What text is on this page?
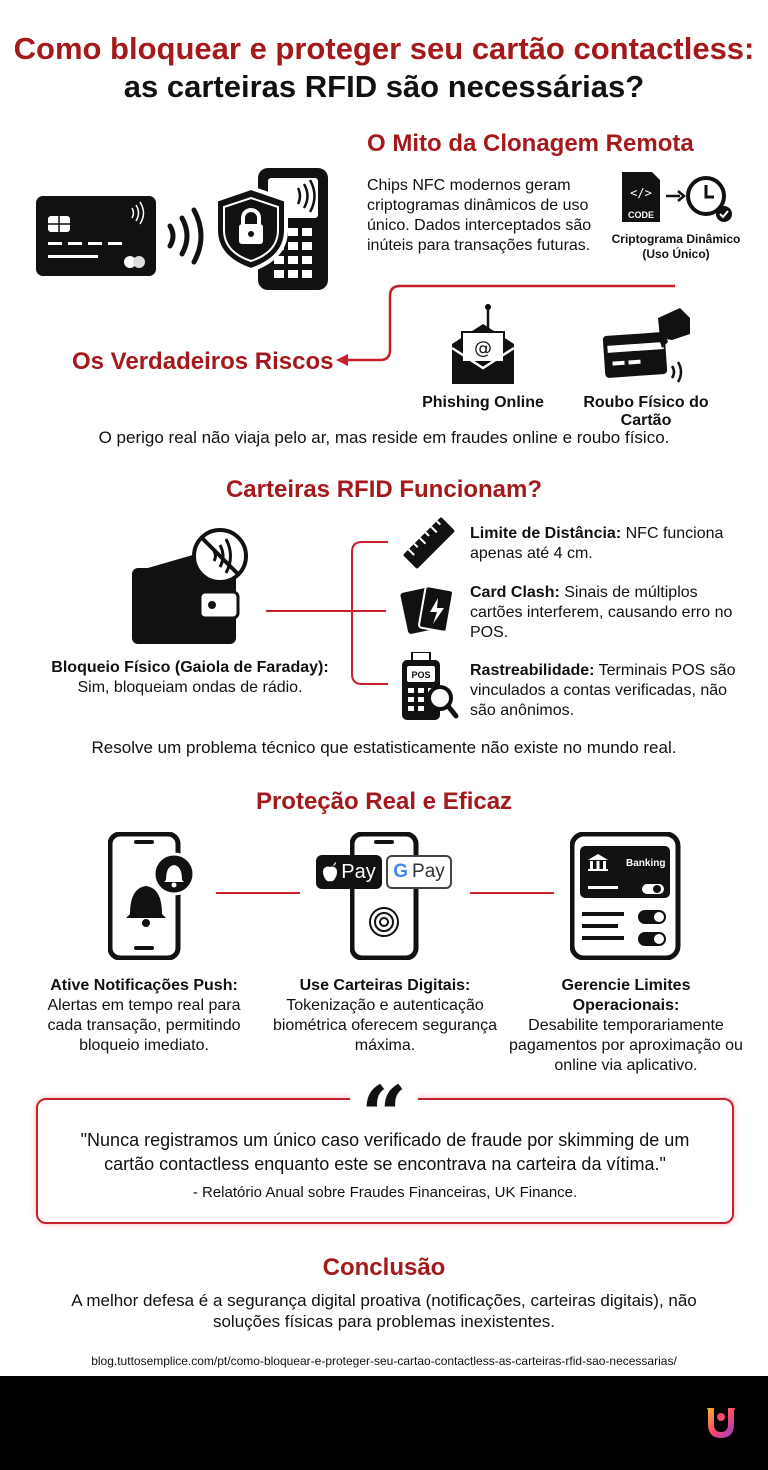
Como bloquear e proteger seu cartão contactless:
as carteiras RFID são necessárias?
O Mito da Clonagem Remota
Chips NFC modernos geram criptogramas dinâmicos de uso único. Dados interceptados são inúteis para transações futuras.
</>
CODE
Criptograma Dinâmico
(Uso Único)
Os Verdadeiros Riscos	@
Phishing Online	Roubo Físico do Cartão
O perigo real não viaja pelo ar, mas reside em fraudes online e roubo físico.
Carteiras RFID Funcionam?
Bloqueio Físico (Gaiola de Faraday):
Sim, bloqueiam ondas de rádio.
Limite de Distância: NFC funciona apenas até 4 cm.
Card Clash: Sinais de múltiplos cartões interferem, causando erro no POS.
POS Rastreabilidade: Terminais POS são vinculados a contas verificadas, não são anônimos.
Resolve um problema técnico que estatisticamente não existe no mundo real.
Proteção Real e Eficaz
Pay G Pay	Banking
Ative Notificações Push:
Alertas em tempo real para cada transação, permitindo bloqueio imediato.
Use Carteiras Digitais:
Tokenização e autenticação biométrica oferecem segurança máxima.
Gerencie Limites Operacionais:
Desabilite temporariamente pagamentos por aproximação ou online via aplicativo.
“
"Nunca registramos um único caso verificado de fraude por skimming de um cartão contactless enquanto este se encontrava na carteira da vítima."
- Relatório Anual sobre Fraudes Financeiras, UK Finance.
Conclusão
A melhor defesa é a segurança digital proativa (notificações, carteiras digitais), não soluções físicas para problemas inexistentes.
blog.tuttosemplice.com/pt/como-bloquear-e-proteger-seu-cartao-contactless-as-carteiras-rfid-sao-necessarias/
